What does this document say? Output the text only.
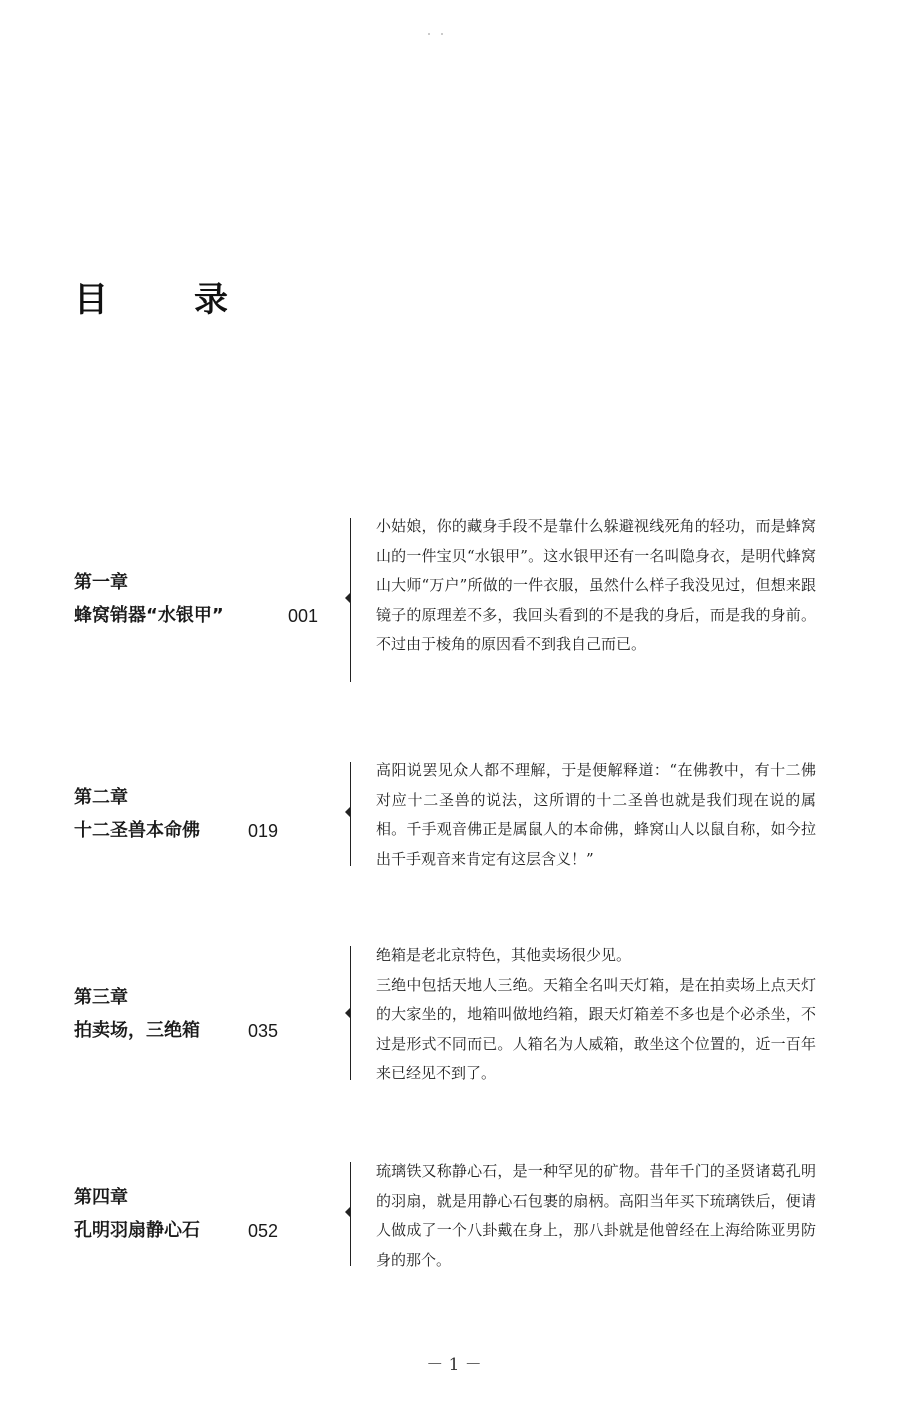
目　录
第一章
蜂窝销器“水银甲”	001

小姑娘，你的藏身手段不是靠什么躲避视线死角的轻功，而是蜂窝山的一件宝贝“水银甲”。这水银甲还有一名叫隐身衣，是明代蜂窝山大师“万户”所做的一件衣服，虽然什么样子我没见过，但想来跟镜子的原理差不多，我回头看到的不是我的身后，而是我的身前。不过由于棱角的原因看不到我自己而已。

第二章
十二圣兽本命佛	019

高阳说罢见众人都不理解，于是便解释道：“在佛教中，有十二佛对应十二圣兽的说法，这所谓的十二圣兽也就是我们现在说的属相。千手观音佛正是属鼠人的本命佛，蜂窝山人以鼠自称，如今拉出千手观音来肯定有这层含义！”

第三章
拍卖场，三绝箱	035

绝箱是老北京特色，其他卖场很少见。

三绝中包括天地人三绝。天箱全名叫天灯箱，是在拍卖场上点天灯的大家坐的，地箱叫做地绉箱，跟天灯箱差不多也是个必杀坐，不过是形式不同而已。人箱名为人威箱，敢坐这个位置的，近一百年来已经见不到了。

第四章
孔明羽扇静心石	052

琉璃铁又称静心石，是一种罕见的矿物。昔年千门的圣贤诸葛孔明的羽扇，就是用静心石包裹的扇柄。高阳当年买下琉璃铁后，便请人做成了一个八卦戴在身上，那八卦就是他曾经在上海给陈亚男防身的那个。

－ 1 －
